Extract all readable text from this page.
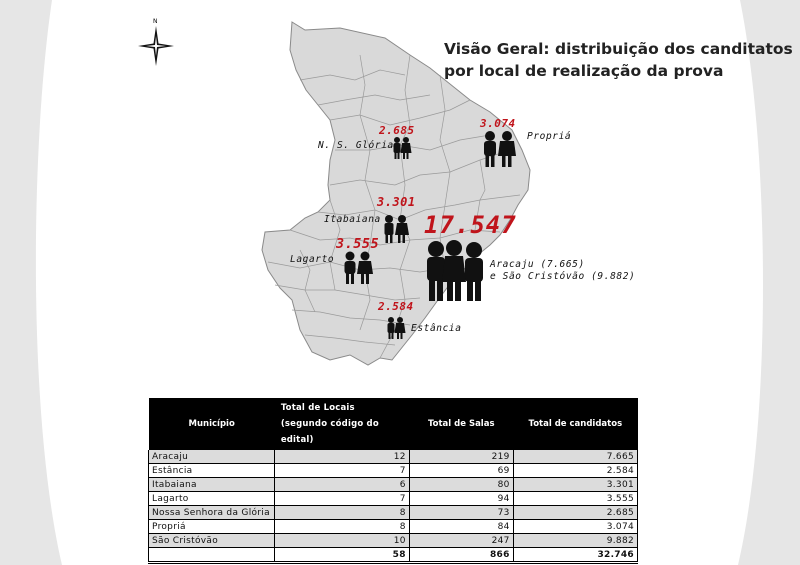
N
Visão Geral: distribuição dos canditatos
por local de realização da prova
2.685
N. S. Glória
3.074
Propriá
3.301
Itabaiana
3.555
Lagarto
2.584
Estância
17.547
Aracaju (7.665)
e São Cristóvão (9.882)
Município	Total de Locais (segundo código do edital)	Total de Salas	Total de candidatos
Aracaju	12	219	7.665
Estância	7	69	2.584
Itabaiana	6	80	3.301
Lagarto	7	94	3.555
Nossa Senhora da Glória	8	73	2.685
Propriá	8	84	3.074
São Cristóvão	10	247	9.882
	58	866	32.746
